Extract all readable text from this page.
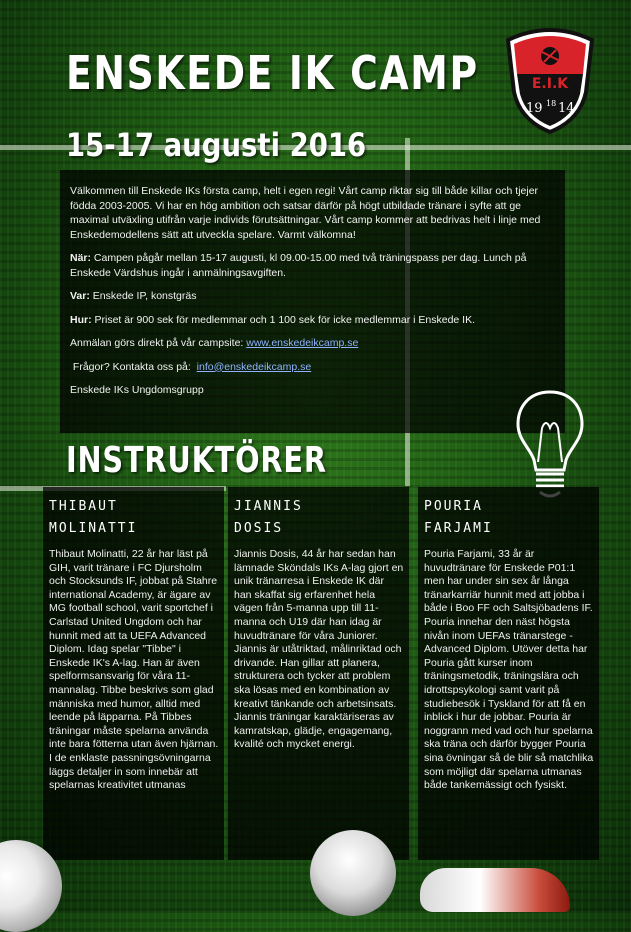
ENSKEDE IK CAMP
15-17 augusti 2016
E.I.K
19 18 14

Välkommen till Enskede IKs första camp, helt i egen regi! Vårt camp riktar sig till både killar och tjejer födda 2003-2005. Vi har en hög ambition och satsar därför på högt utbildade tränare i syfte att ge maximal utväxling utifrån varje individs förutsättningar. Vårt camp kommer att bedrivas helt i linje med Enskedemodellens sätt att utveckla spelare. Varmt välkomna!

När: Campen pågår mellan 15-17 augusti, kl 09.00-15.00 med två träningspass per dag. Lunch på Enskede Värdshus ingår i anmälningsavgiften.

Var: Enskede IP, konstgräs

Hur: Priset är 900 sek för medlemmar och 1 100 sek för icke medlemmar i Enskede IK.

Anmälan görs direkt på vår campsite: www.enskedeikcamp.se

Frågor? Kontakta oss på:  info@enskedeikcamp.se

Enskede IKs Ungdomsgrupp

INSTRUKTÖRER
THIBAUT
MOLINATTI

Thibaut Molinatti, 22 år har läst på GIH, varit tränare i FC Djursholm och Stocksunds IF, jobbat på Stahre international Academy, är ägare av MG football school, varit sportchef i Carlstad United Ungdom och har hunnit med att ta UEFA Advanced Diplom. Idag spelar "Tibbe" i Enskede IK's A-lag. Han är även spelformsansvarig för våra 11-mannalag. Tibbe beskrivs som glad människa med humor, alltid med leende på läpparna. På Tibbes träningar måste spelarna använda inte bara fötterna utan även hjärnan. I de enklaste passningsövningarna läggs detaljer in som innebär att spelarnas kreativitet utmanas

JIANNIS
DOSIS

Jiannis Dosis, 44 år har sedan han lämnade Sköndals IKs A-lag gjort en unik tränarresa i Enskede IK där han skaffat sig erfarenhet hela vägen från 5-manna upp till 11-manna och U19 där han idag är huvudtränare för våra Juniorer. Jiannis är utåtriktad, målinriktad och drivande. Han gillar att planera, strukturera och tycker att problem ska lösas med en kombination av kreativt tänkande och arbetsinsats. Jiannis träningar karaktäriseras av kamratskap, glädje, engagemang, kvalité och mycket energi.

POURIA
FARJAMI

Pouria Farjami, 33 år är huvudtränare för Enskede P01:1 men har under sin sex år långa tränarkarriär hunnit med att jobba i både i Boo FF och Saltsjöbadens IF. Pouria innehar den näst högsta nivån inom UEFAs tränarstege - Advanced Diplom. Utöver detta har Pouria gått kurser inom träningsmetodik, träningslära och idrottspsykologi samt varit på studiebesök i Tyskland för att få en inblick i hur de jobbar. Pouria är noggrann med vad och hur spelarna ska träna och därför bygger Pouria sina övningar så de blir så matchlika som möjligt där spelarna utmanas både tankemässigt och fysiskt.
